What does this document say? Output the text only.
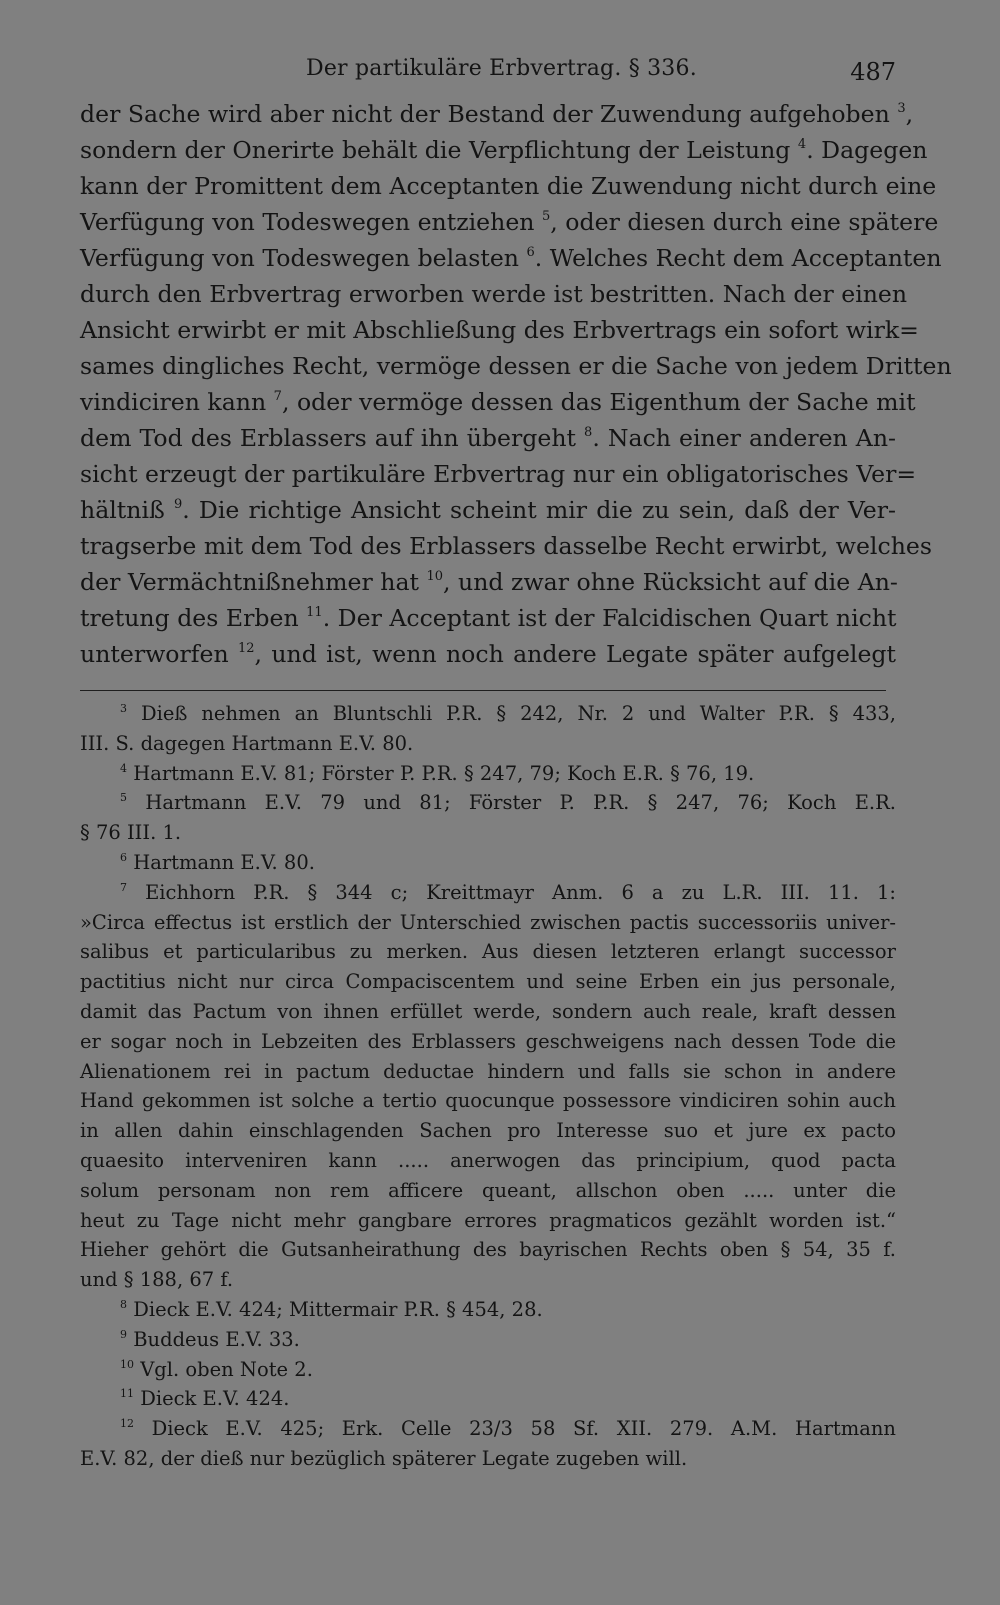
Der partikuläre Erbvertrag. § 336.	487
der Sache wird aber nicht der Bestand der Zuwendung aufgehoben $^3$,
sondern der Onerirte behält die Verpflichtung der Leistung $^4$. Dagegen
kann der Promittent dem Acceptanten die Zuwendung nicht durch eine
Verfügung von Todeswegen entziehen $^5$, oder diesen durch eine spätere
Verfügung von Todeswegen belasten $^6$. Welches Recht dem Acceptanten
durch den Erbvertrag erworben werde ist bestritten. Nach der einen
Ansicht erwirbt er mit Abschließung des Erbvertrags ein sofort wirk=
sames dingliches Recht, vermöge dessen er die Sache von jedem Dritten
vindiciren kann $^7$, oder vermöge dessen das Eigenthum der Sache mit
dem Tod des Erblassers auf ihn übergeht $^8$. Nach einer anderen An-
sicht erzeugt der partikuläre Erbvertrag nur ein obligatorisches Ver=
hältniß $^9$. Die richtige Ansicht scheint mir die zu sein, daß der Ver-
tragserbe mit dem Tod des Erblassers dasselbe Recht erwirbt, welches
der Vermächtnißnehmer hat $^{10}$, und zwar ohne Rücksicht auf die An-
tretung des Erben $^{11}$. Der Acceptant ist der Falcidischen Quart nicht
unterworfen $^{12}$, und ist, wenn noch andere Legate später aufgelegt
$^3$ Dieß nehmen an Bluntschli P.R. § 242, Nr. 2 und Walter P.R. § 433,
III. S. dagegen Hartmann E.V. 80.
$^4$ Hartmann E.V. 81; Förster P. P.R. § 247, 79; Koch E.R. § 76, 19.
$^5$ Hartmann E.V. 79 und 81; Förster P. P.R. § 247, 76; Koch E.R.
§ 76 III. 1.
$^6$ Hartmann E.V. 80.
$^7$ Eichhorn P.R. § 344 c; Kreittmayr Anm. 6 a zu L.R. III. 11. 1:
»Circa effectus ist erstlich der Unterschied zwischen pactis successoriis univer-
salibus et particularibus zu merken. Aus diesen letzteren erlangt successor
pactitius nicht nur circa Compaciscentem und seine Erben ein jus personale,
damit das Pactum von ihnen erfüllet werde, sondern auch reale, kraft dessen
er sogar noch in Lebzeiten des Erblassers geschweigens nach dessen Tode die
Alienationem rei in pactum deductae hindern und falls sie schon in andere
Hand gekommen ist solche a tertio quocunque possessore vindiciren sohin auch
in allen dahin einschlagenden Sachen pro Interesse suo et jure ex pacto
quaesito interveniren kann ..... anerwogen das principium, quod pacta
solum personam non rem afficere queant, allschon oben ..... unter die
heut zu Tage nicht mehr gangbare errores pragmaticos gezählt worden ist.“
Hieher gehört die Gutsanheirathung des bayrischen Rechts oben § 54, 35 f.
und § 188, 67 f.
$^8$ Dieck E.V. 424; Mittermair P.R. § 454, 28.
$^9$ Buddeus E.V. 33.
$^{10}$ Vgl. oben Note 2.
$^{11}$ Dieck E.V. 424.
$^{12}$ Dieck E.V. 425; Erk. Celle 23/3 58 Sf. XII. 279. A.M. Hartmann
E.V. 82, der dieß nur bezüglich späterer Legate zugeben will.
